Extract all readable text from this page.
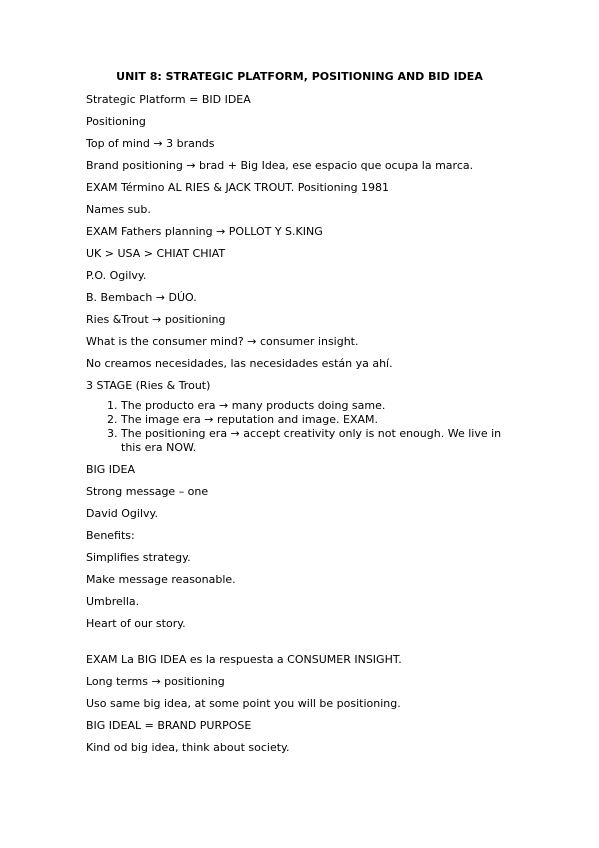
UNIT 8: STRATEGIC PLATFORM, POSITIONING AND BID IDEA

Strategic Platform = BID IDEA

Positioning

Top of mind → 3 brands

Brand positioning → brad + Big Idea, ese espacio que ocupa la marca.

EXAM Término AL RIES & JACK TROUT. Positioning 1981

Names sub.

EXAM Fathers planning → POLLOT Y S.KING

UK > USA > CHIAT CHIAT

P.O. Ogilvy.

B. Bembach → DÚO.

Ries &Trout → positioning

What is the consumer mind? → consumer insight.

No creamos necesidades, las necesidades están ya ahí.

3 STAGE (Ries & Trout)

1. The producto era → many products doing same.
2. The image era → reputation and image. EXAM.
3. The positioning era → accept creativity only is not enough. We live in this era NOW.

BIG IDEA

Strong message – one

David Ogilvy.

Benefits:

Simplifies strategy.

Make message reasonable.

Umbrella.

Heart of our story.

EXAM La BIG IDEA es la respuesta a CONSUMER INSIGHT.

Long terms → positioning

Uso same big idea, at some point you will be positioning.

BIG IDEAL = BRAND PURPOSE

Kind od big idea, think about society.
